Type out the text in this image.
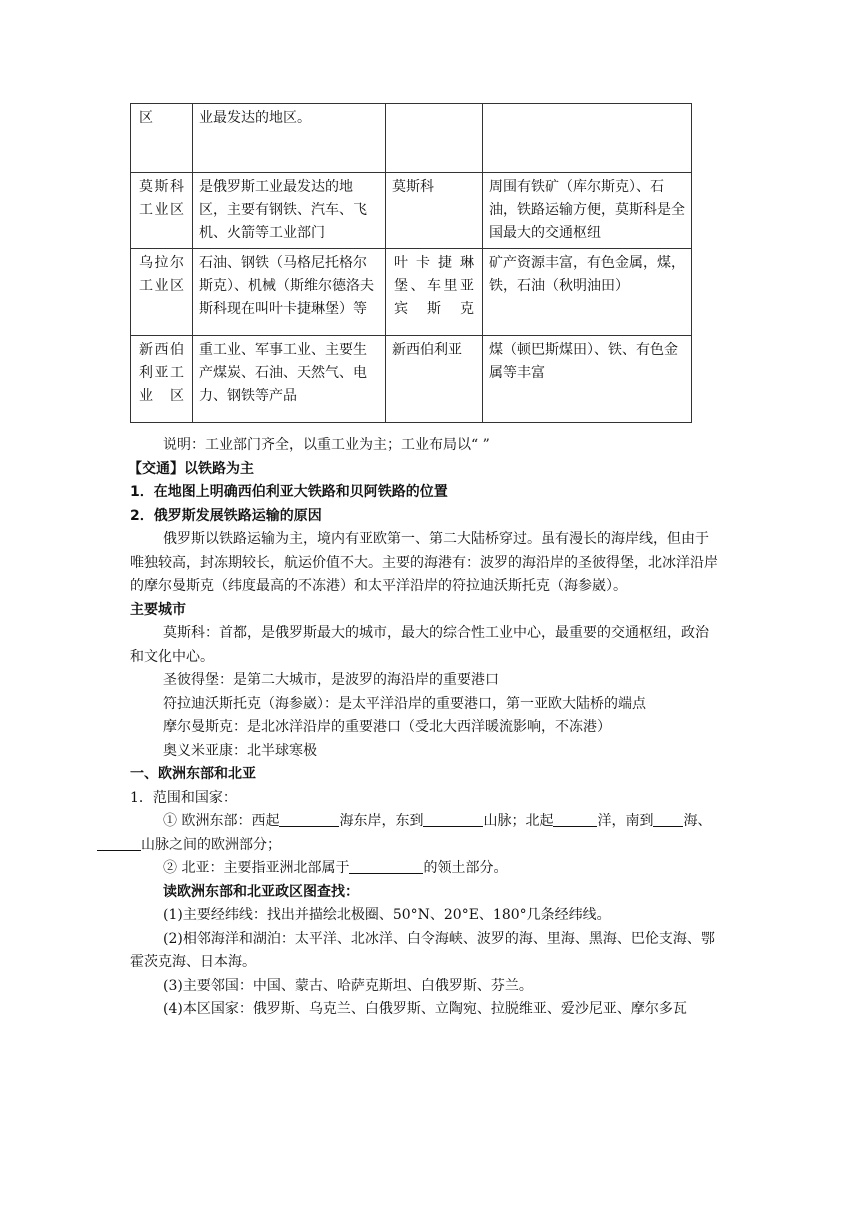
区	业最发达的地区。		
莫斯科工业区	是俄罗斯工业最发达的地区，主要有钢铁、汽车、飞机、火箭等工业部门	莫斯科	周围有铁矿（库尔斯克）、石油，铁路运输方便，莫斯科是全国最大的交通枢纽
乌拉尔工业区	石油、钢铁（马格尼托格尔斯克）、机械（斯维尔德洛夫斯科现在叫叶卡捷琳堡）等	叶卡捷琳堡、车里亚宾斯克	矿产资源丰富，有色金属，煤，铁，石油（秋明油田）
新西伯利亚工业区	重工业、军事工业、主要生产煤炭、石油、天然气、电力、钢铁等产品	新西伯利亚	煤（顿巴斯煤田）、铁、有色金属等丰富

说明：工业部门齐全，以重工业为主；工业布局以“ ”

【交通】以铁路为主

1．在地图上明确西伯利亚大铁路和贝阿铁路的位置

2．俄罗斯发展铁路运输的原因

俄罗斯以铁路运输为主，境内有亚欧第一、第二大陆桥穿过。虽有漫长的海岸线，但由于唯独较高，封冻期较长，航运价值不大。主要的海港有：波罗的海沿岸的圣彼得堡，北冰洋沿岸的摩尔曼斯克（纬度最高的不冻港）和太平洋沿岸的符拉迪沃斯托克（海参崴）。

主要城市

莫斯科：首都，是俄罗斯最大的城市，最大的综合性工业中心，最重要的交通枢纽，政治和文化中心。

圣彼得堡：是第二大城市，是波罗的海沿岸的重要港口

符拉迪沃斯托克（海参崴）：是太平洋沿岸的重要港口，第一亚欧大陆桥的端点

摩尔曼斯克：是北冰洋沿岸的重要港口（受北大西洋暖流影响，不冻港）

奥义米亚康：北半球寒极

一、欧洲东部和北亚

1．范围和国家：

① 欧洲东部：西起	海东岸，东到	山脉；北起	洋，南到 海、
山脉之间的欧洲部分；

② 北亚：主要指亚洲北部属于	的领土部分。

读欧洲东部和北亚政区图查找：

(1)主要经纬线：找出并描绘北极圈、50°N、20°E、180°几条经纬线。

(2)相邻海洋和湖泊：太平洋、北冰洋、白令海峡、波罗的海、里海、黑海、巴伦支海、鄂霍茨克海、日本海。

(3)主要邻国：中国、蒙古、哈萨克斯坦、白俄罗斯、芬兰。

(4)本区国家：俄罗斯、乌克兰、白俄罗斯、立陶宛、拉脱维亚、爱沙尼亚、摩尔多瓦
